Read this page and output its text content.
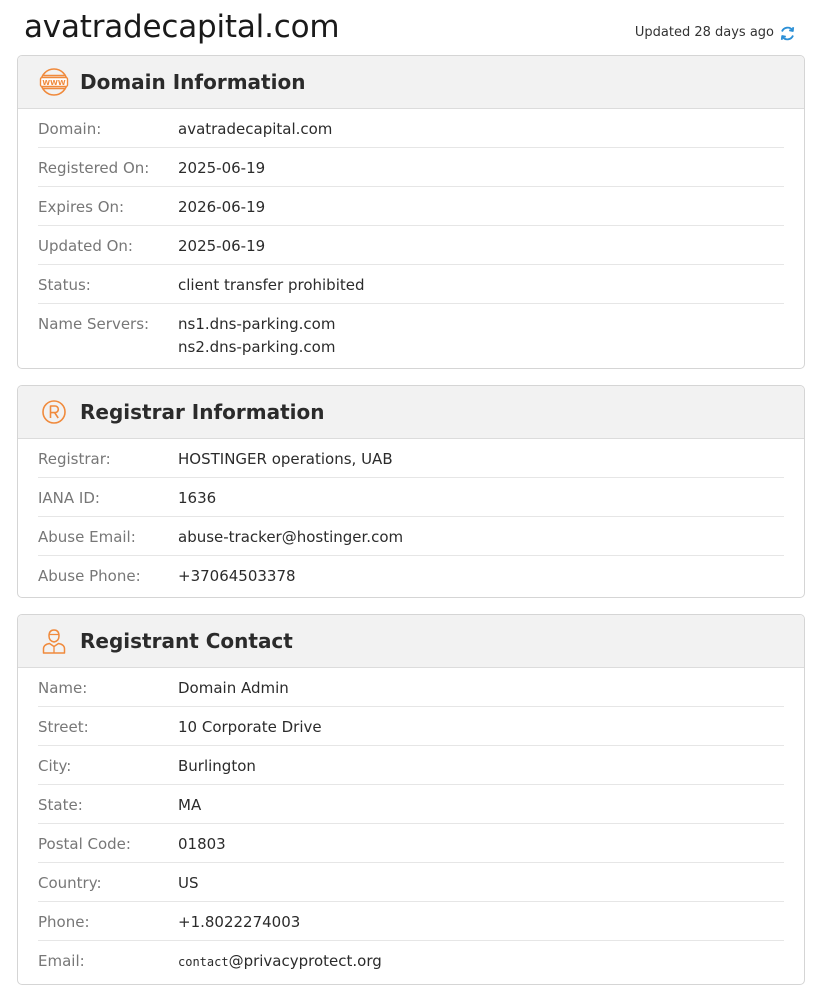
avatradecapital.com	Updated 28 days ago
WWW Domain Information
Domain:	avatradecapital.com
Registered On:	2025-06-19
Expires On:	2026-06-19
Updated On:	2025-06-19
Status:	client transfer prohibited
Name Servers:	ns1.dns-parking.com
ns2.dns-parking.com
Registrar Information
Registrar:	HOSTINGER operations, UAB
IANA ID:	1636
Abuse Email:	abuse-tracker@hostinger.com
Abuse Phone:	+37064503378
Registrant Contact
Name:	Domain Admin
Street:	10 Corporate Drive
City:	Burlington
State:	MA
Postal Code:	01803
Country:	US
Phone:	+1.8022274003
Email:	contact@privacyprotect.org
